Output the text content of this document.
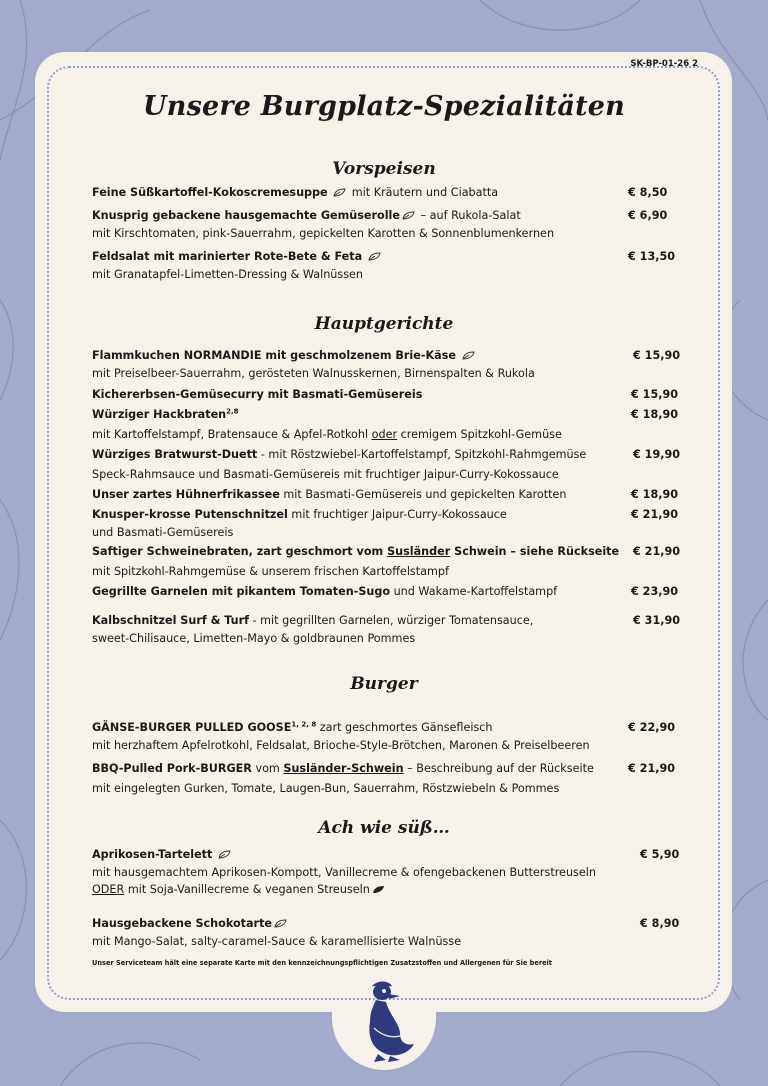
SK-BP-01-26 2
Unsere Burgplatz-Spezialitäten
Vorspeisen
Feine Süßkartoffel-Kokoscremesuppe mit Kräutern und Ciabatta	€ 8,50
Knusprig gebackene hausgemachte Gemüserolle – auf Rukola-Salat	€ 6,90
mit Kirschtomaten, pink-Sauerrahm, gepickelten Karotten & Sonnenblumenkernen
Feldsalat mit marinierter Rote-Bete & Feta	€ 13,50
mit Granatapfel-Limetten-Dressing & Walnüssen
Hauptgerichte
Flammkuchen NORMANDIE mit geschmolzenem Brie-Käse	€ 15,90
mit Preiselbeer-Sauerrahm, gerösteten Walnusskernen, Birnenspalten & Rukola
Kichererbsen-Gemüsecurry mit Basmati-Gemüsereis	€ 15,90
Würziger Hackbraten$^{2,8}$	€ 18,90
mit Kartoffelstampf, Bratensauce & Apfel-Rotkohl oder cremigem Spitzkohl-Gemüse
Würziges Bratwurst-Duett - mit Röstzwiebel-Kartoffelstampf, Spitzkohl-Rahmgemüse	€ 19,90
Speck-Rahmsauce und Basmati-Gemüsereis mit fruchtiger Jaipur-Curry-Kokossauce
Unser zartes Hühnerfrikassee mit Basmati-Gemüsereis und gepickelten Karotten	€ 18,90
Knusper-krosse Putenschnitzel mit fruchtiger Jaipur-Curry-Kokossauce	€ 21,90
und Basmati-Gemüsereis
Saftiger Schweinebraten, zart geschmort vom Susländer Schwein – siehe Rückseite € 21,90
mit Spitzkohl-Rahmgemüse & unserem frischen Kartoffelstampf
Gegrillte Garnelen mit pikantem Tomaten-Sugo und Wakame-Kartoffelstampf	€ 23,90
Kalbschnitzel Surf & Turf - mit gegrillten Garnelen, würziger Tomatensauce,	€ 31,90
sweet-Chilisauce, Limetten-Mayo & goldbraunen Pommes
Burger
GÄNSE-BURGER PULLED GOOSE$^{1, 2, 8}$ zart geschmortes Gänsefleisch	€ 22,90
mit herzhaftem Apfelrotkohl, Feldsalat, Brioche-Style-Brötchen, Maronen & Preiselbeeren
BBQ-Pulled Pork-BURGER vom Susländer-Schwein – Beschreibung auf der Rückseite	€ 21,90
mit eingelegten Gurken, Tomate, Laugen-Bun, Sauerrahm, Röstzwiebeln & Pommes
Ach wie süß…
Aprikosen-Tartelett	€ 5,90
mit hausgemachtem Aprikosen-Kompott, Vanillecreme & ofengebackenen Butterstreuseln
ODER mit Soja-Vanillecreme & veganen Streuseln
Hausgebackene Schokotarte	€ 8,90
mit Mango-Salat, salty-caramel-Sauce & karamellisierte Walnüsse
Unser Serviceteam hält eine separate Karte mit den kennzeichnungspflichtigen Zusatzstoffen und Allergenen für Sie bereit
